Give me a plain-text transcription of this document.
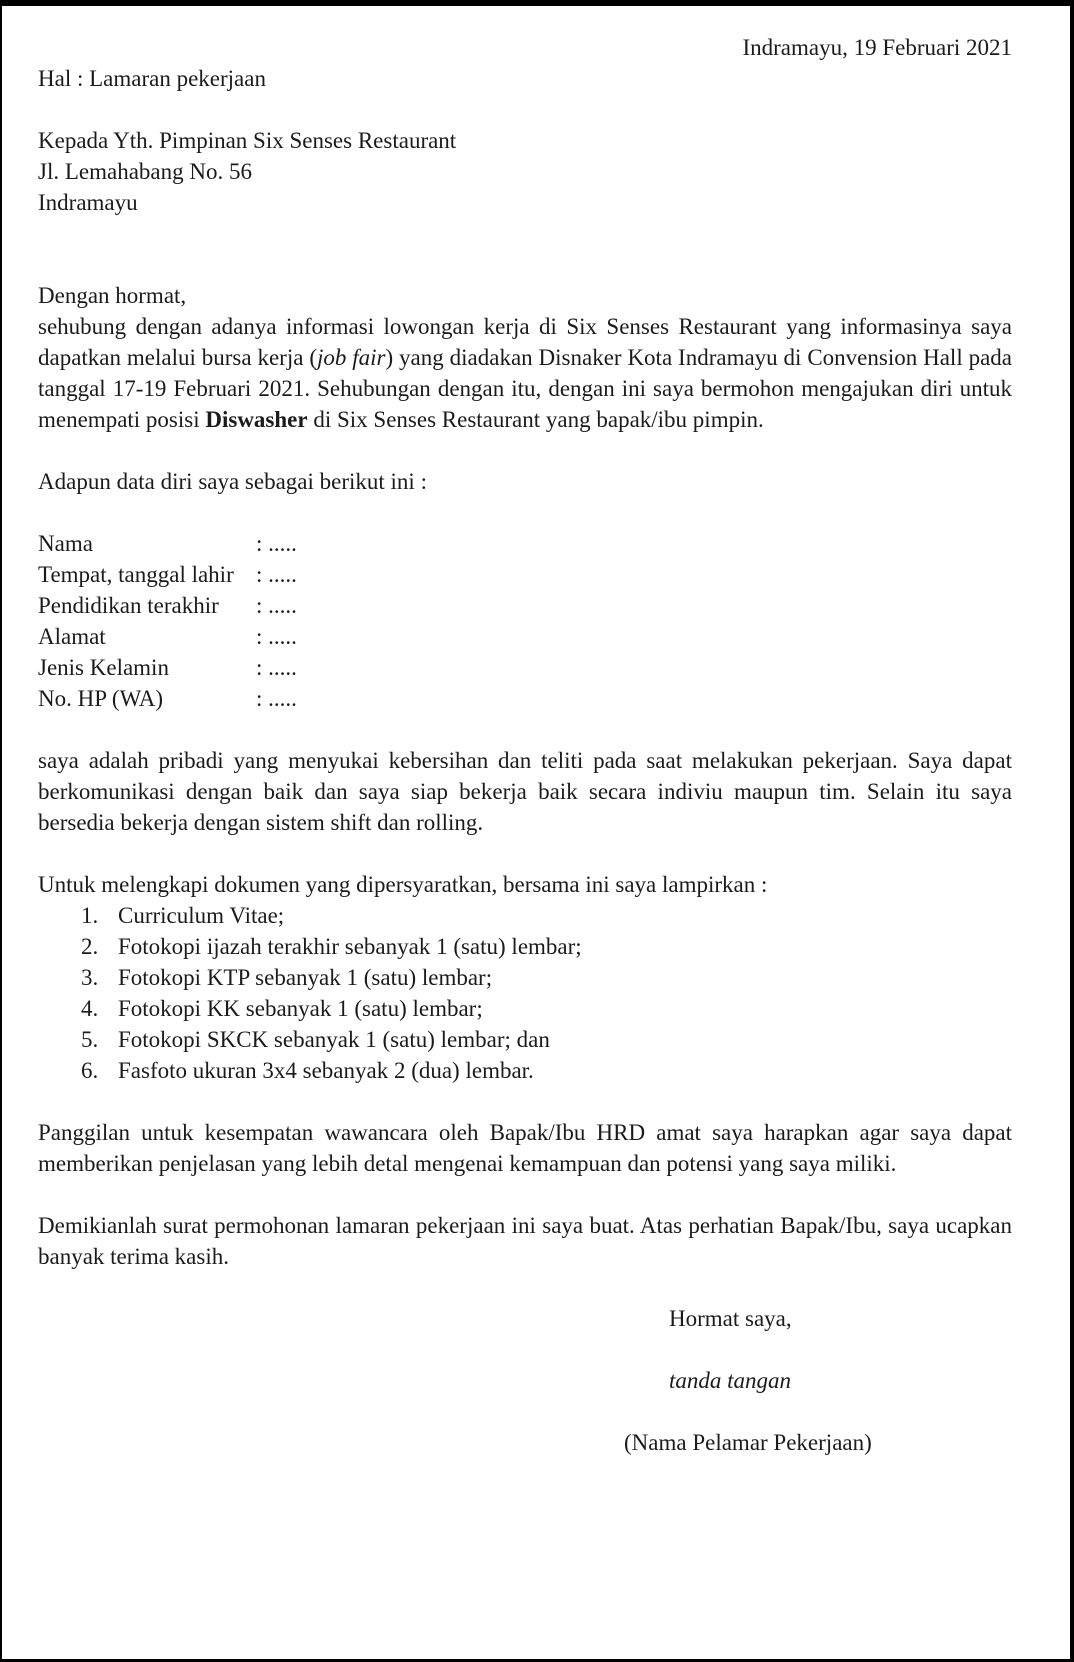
Indramayu, 19 Februari 2021
Hal : Lamaran pekerjaan
Kepada Yth. Pimpinan Six Senses Restaurant
Jl. Lemahabang No. 56
Indramayu
Dengan hormat,
sehubung dengan adanya informasi lowongan kerja di Six Senses Restaurant yang informasinya saya dapatkan melalui bursa kerja (job fair) yang diadakan Disnaker Kota Indramayu di Convension Hall pada tanggal 17-19 Februari 2021. Sehubungan dengan itu, dengan ini saya bermohon mengajukan diri untuk menempati posisi Diswasher di Six Senses Restaurant yang bapak/ibu pimpin.
Adapun data diri saya sebagai berikut ini :
Nama	: .....
Tempat, tanggal lahir : .....
Pendidikan terakhir	: .....
Alamat	: .....
Jenis Kelamin	: .....
No. HP (WA)	: .....
saya adalah pribadi yang menyukai kebersihan dan teliti pada saat melakukan pekerjaan. Saya dapat berkomunikasi dengan baik dan saya siap bekerja baik secara indiviu maupun tim. Selain itu saya bersedia bekerja dengan sistem shift dan rolling.
Untuk melengkapi dokumen yang dipersyaratkan, bersama ini saya lampirkan :
1. Curriculum Vitae;
2. Fotokopi ijazah terakhir sebanyak 1 (satu) lembar;
3. Fotokopi KTP sebanyak 1 (satu) lembar;
4. Fotokopi KK sebanyak 1 (satu) lembar;
5. Fotokopi SKCK sebanyak 1 (satu) lembar; dan
6. Fasfoto ukuran 3x4 sebanyak 2 (dua) lembar.
Panggilan untuk kesempatan wawancara oleh Bapak/Ibu HRD amat saya harapkan agar saya dapat memberikan penjelasan yang lebih detal mengenai kemampuan dan potensi yang saya miliki.
Demikianlah surat permohonan lamaran pekerjaan ini saya buat. Atas perhatian Bapak/Ibu, saya ucapkan banyak terima kasih.
Hormat saya,
tanda tangan
(Nama Pelamar Pekerjaan)
